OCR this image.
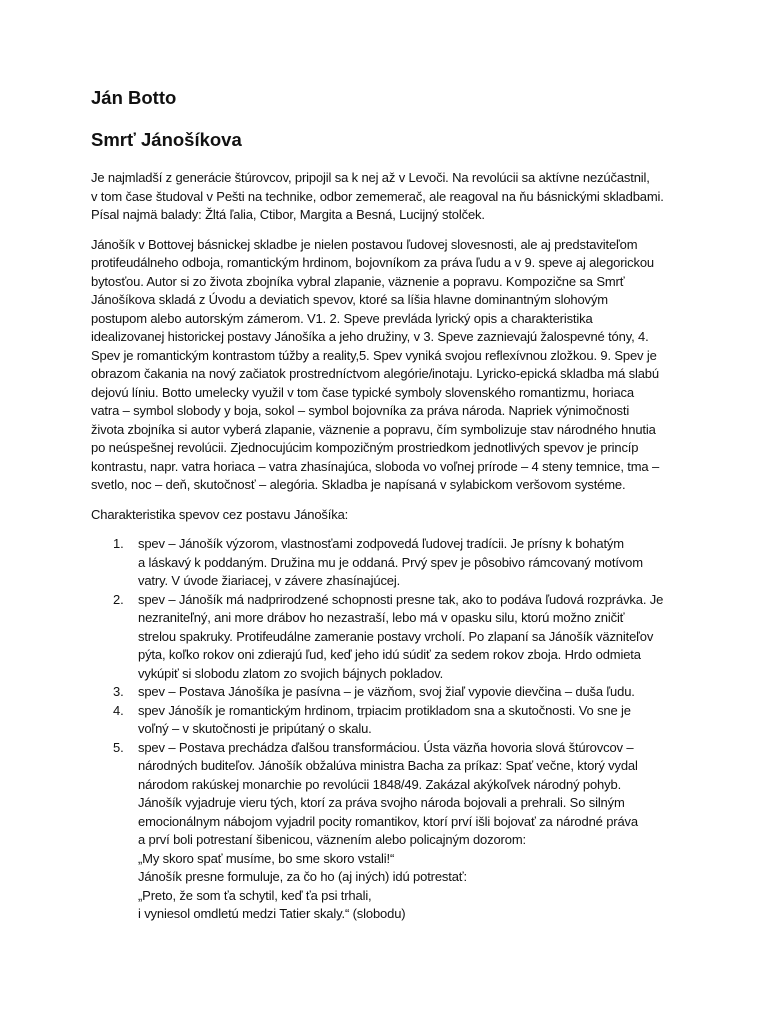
Ján Botto
Smrť Jánošíkova

Je najmladší z generácie štúrovcov, pripojil sa k nej až v Levoči. Na revolúcii sa aktívne nezúčastnil,
v tom čase študoval v Pešti na technike, odbor zememerač, ale reagoval na ňu básnickými skladbami.
Písal najmä balady: Žltá ľalia, Ctibor, Margita a Besná, Lucijný stolček.

Jánošík v Bottovej básnickej skladbe je nielen postavou ľudovej slovesnosti, ale aj predstaviteľom
protifeudálneho odboja, romantickým hrdinom, bojovníkom za práva ľudu a v 9. speve aj alegorickou
bytosťou. Autor si zo života zbojníka vybral zlapanie, väznenie a popravu. Kompozične sa Smrť
Jánošíkova skladá z Úvodu a deviatich spevov, ktoré sa líšia hlavne dominantným slohovým
postupom alebo autorským zámerom. V1. 2. Speve prevláda lyrický opis a charakteristika
idealizovanej historickej postavy Jánošíka a jeho družiny, v 3. Speve zaznievajú žalospevné tóny, 4.
Spev je romantickým kontrastom túžby a reality,5. Spev vyniká svojou reflexívnou zložkou. 9. Spev je
obrazom čakania na nový začiatok prostredníctvom alegórie/inotaju. Lyricko-epická skladba má slabú
dejovú líniu. Botto umelecky využil v tom čase typické symboly slovenského romantizmu, horiaca
vatra – symbol slobody y boja, sokol – symbol bojovníka za práva národa. Napriek výnimočnosti
života zbojníka si autor vyberá zlapanie, väznenie a popravu, čím symbolizuje stav národného hnutia
po neúspešnej revolúcii. Zjednocujúcim kompozičným prostriedkom jednotlivých spevov je princíp
kontrastu, napr. vatra horiaca – vatra zhasínajúca, sloboda vo voľnej prírode – 4 steny temnice, tma –
svetlo, noc – deň, skutočnosť – alegória. Skladba je napísaná v sylabickom veršovom systéme.

Charakteristika spevov cez postavu Jánošíka:

1.	spev – Jánošík výzorom, vlastnosťami zodpovedá ľudovej tradícii. Je prísny k bohatým
a láskavý k poddaným. Družina mu je oddaná. Prvý spev je pôsobivo rámcovaný motívom
vatry. V úvode žiariacej, v závere zhasínajúcej.
2.	spev – Jánošík má nadprirodzené schopnosti presne tak, ako to podáva ľudová rozprávka. Je
nezraniteľný, ani more drábov ho nezastraší, lebo má v opasku silu, ktorú možno zničiť
strelou spakruky. Protifeudálne zameranie postavy vrcholí. Po zlapaní sa Jánošík väzniteľov
pýta, koľko rokov oni zdierajú ľud, keď jeho idú súdiť za sedem rokov zboja. Hrdo odmieta
vykúpiť si slobodu zlatom zo svojich bájnych pokladov.
3.	spev – Postava Jánošíka je pasívna – je väzňom, svoj žiaľ vypovie dievčina – duša ľudu.
4.	spev Jánošík je romantickým hrdinom, trpiacim protikladom sna a skutočnosti. Vo sne je
voľný – v skutočnosti je pripútaný o skalu.
5.	spev – Postava prechádza ďalšou transformáciou. Ústa väzňa hovoria slová štúrovcov –
národných buditeľov. Jánošík obžalúva ministra Bacha za príkaz: Spať večne, ktorý vydal
národom rakúskej monarchie po revolúcii 1848/49. Zakázal akýkoľvek národný pohyb.
Jánošík vyjadruje vieru tých, ktorí za práva svojho národa bojovali a prehrali. So silným
emocionálnym nábojom vyjadril pocity romantikov, ktorí prví išli bojovať za národné práva
a prví boli potrestaní šibenicou, väznením alebo policajným dozorom:
„My skoro spať musíme, bo sme skoro vstali!“
Jánošík presne formuluje, za čo ho (aj iných) idú potrestať:
„Preto, že som ťa schytil, keď ťa psi trhali,
i vyniesol omdletú medzi Tatier skaly.“ (slobodu)
